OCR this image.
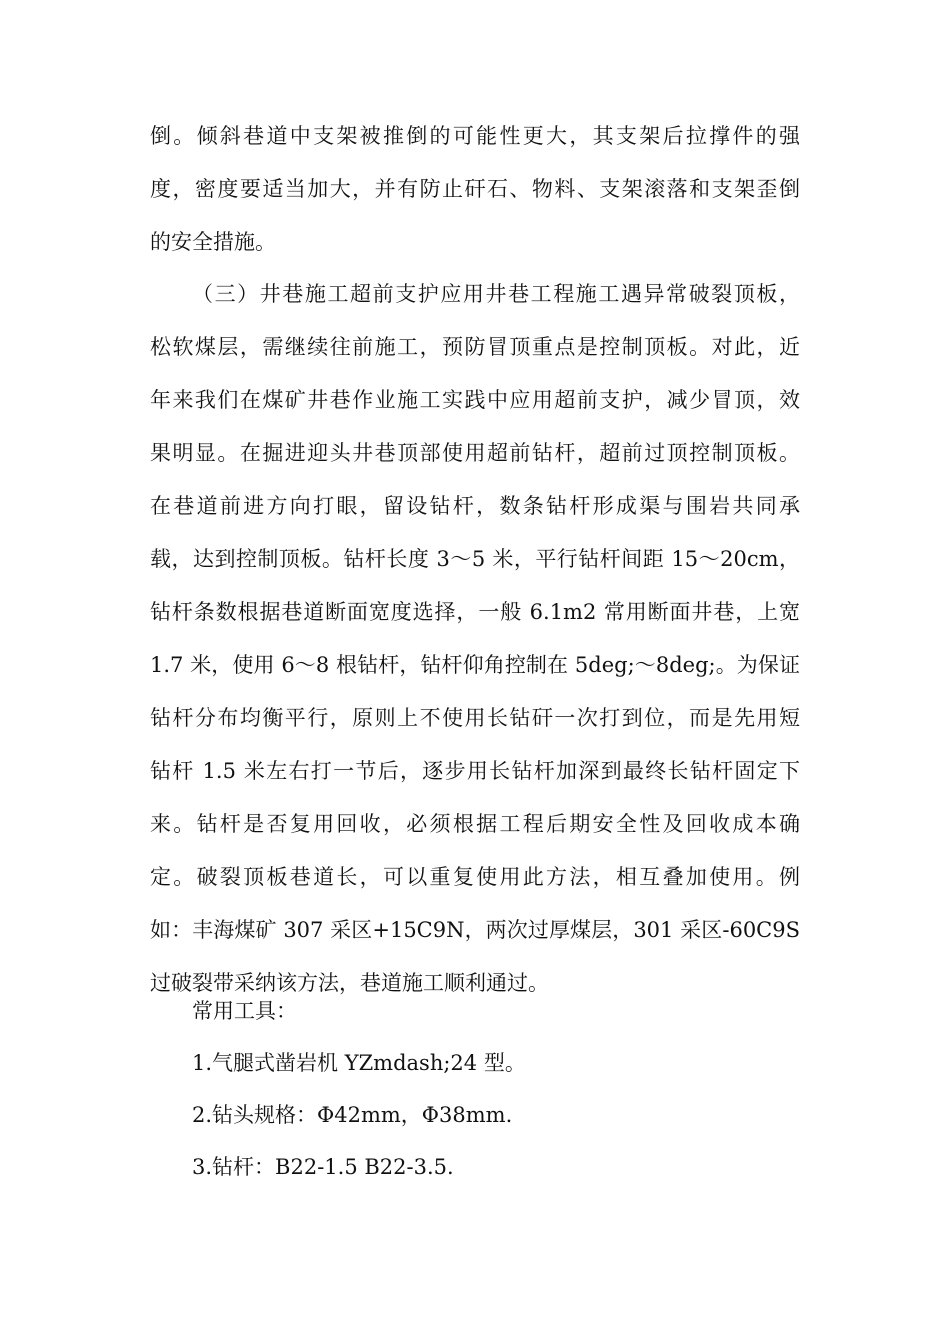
倒。倾斜巷道中支架被推倒的可能性更大，其支架后拉撑件的强
度，密度要适当加大，并有防止矸石、物料、支架滚落和支架歪倒
的安全措施。
（三）井巷施工超前支护应用井巷工程施工遇异常破裂顶板，
松软煤层，需继续往前施工，预防冒顶重点是控制顶板。对此，近
年来我们在煤矿井巷作业施工实践中应用超前支护，减少冒顶，效
果明显。在掘进迎头井巷顶部使用超前钻杆，超前过顶控制顶板。
在巷道前进方向打眼，留设钻杆，数条钻杆形成渠与围岩共同承
载，达到控制顶板。钻杆长度 3～5 米，平行钻杆间距 15～20cm，
钻杆条数根据巷道断面宽度选择，一般 6.1m2 常用断面井巷，上宽
1.7 米，使用 6～8 根钻杆，钻杆仰角控制在 5deg;～8deg;。为保证
钻杆分布均衡平行，原则上不使用长钻矸一次打到位，而是先用短
钻杆 1.5 米左右打一节后，逐步用长钻杆加深到最终长钻杆固定下
来。钻杆是否复用回收，必须根据工程后期安全性及回收成本确
定。破裂顶板巷道长，可以重复使用此方法，相互叠加使用。例
如：丰海煤矿 307 采区+15C9N，两次过厚煤层，301 采区-60C9S
过破裂带采纳该方法，巷道施工顺利通过。
常用工具：
1.气腿式凿岩机 YZmdash;24 型。
2.钻头规格：Φ42mm，Φ38mm.
3.钻杆：B22-1.5 B22-3.5.
